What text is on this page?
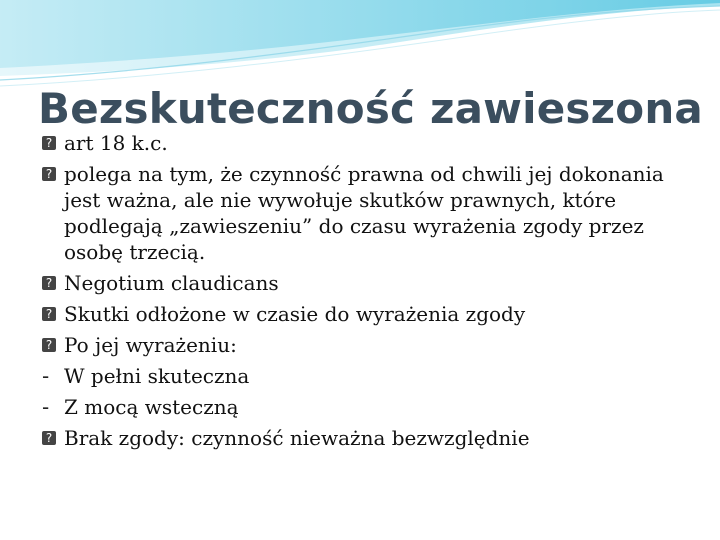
Bezskuteczność zawieszona
? art 18 k.c.
? polega na tym, że czynność prawna od chwili jej dokonania jest ważna, ale nie wywołuje skutków prawnych, które podlegają „zawieszeniu” do czasu wyrażenia zgody przez osobę trzecią.
? Negotium claudicans
? Skutki odłożone w czasie do wyrażenia zgody
? Po jej wyrażeniu:
- W pełni skuteczna
- Z mocą wsteczną
? Brak zgody: czynność nieważna bezwzględnie
